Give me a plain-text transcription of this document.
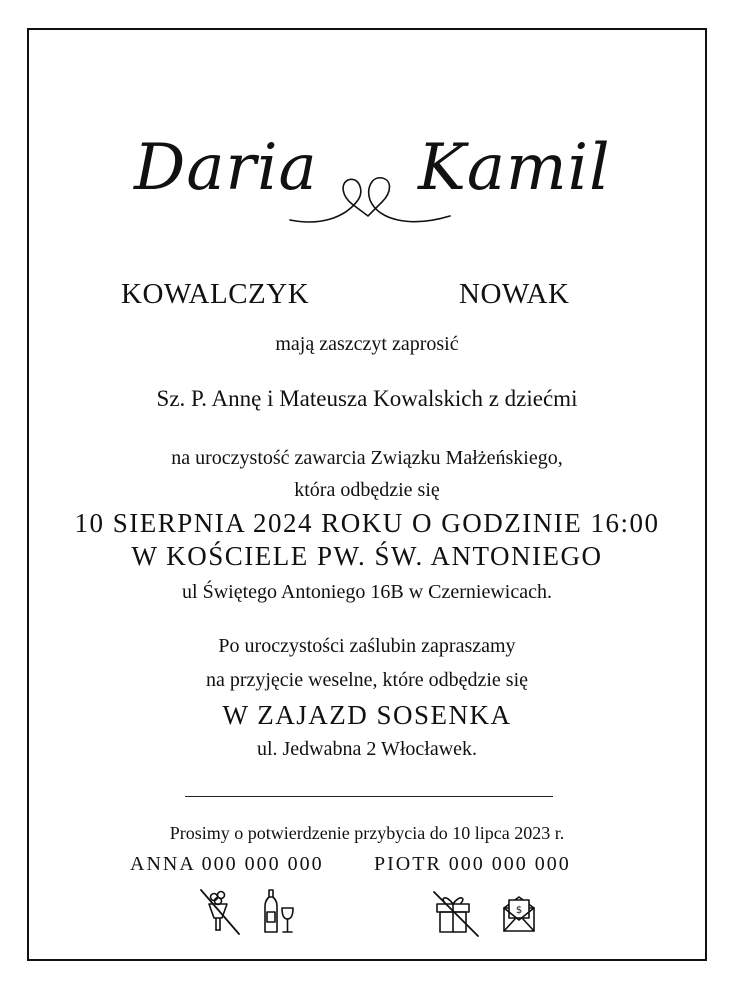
Daria Kamil
KOWALCZYK	NOWAK
mają zaszczyt zaprosić
Sz. P. Annę i Mateusza Kowalskich z dziećmi
na uroczystość zawarcia Związku Małżeńskiego,
która odbędzie się
10 SIERPNIA 2024 ROKU O GODZINIE 16:00
W KOŚCIELE PW. ŚW. ANTONIEGO
ul Świętego Antoniego 16B w Czerniewicach.
Po uroczystości zaślubin zapraszamy
na przyjęcie weselne, które odbędzie się
W ZAJAZD SOSENKA
ul. Jedwabna 2 Włocławek.
Prosimy o potwierdzenie przybycia do 10 lipca 2023 r.
ANNA 000 000 000	PIOTR 000 000 000
$
